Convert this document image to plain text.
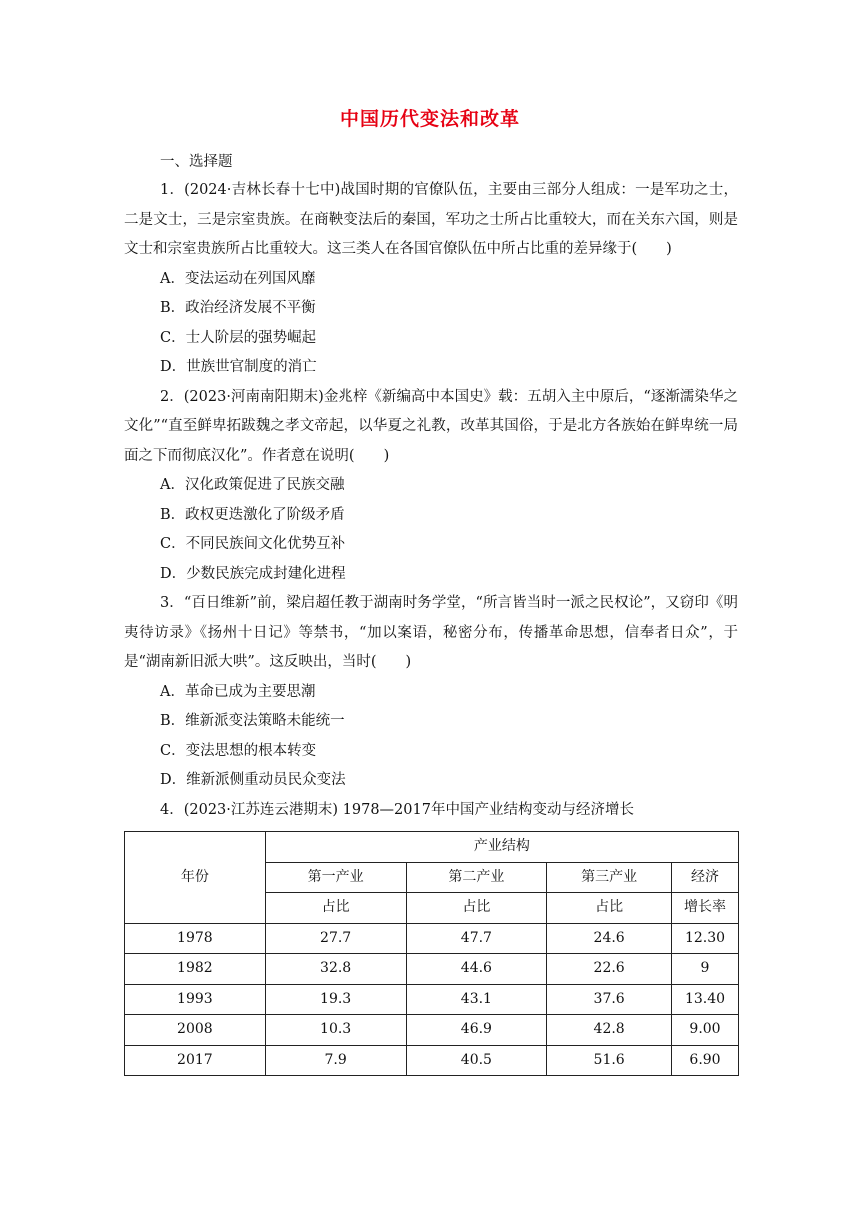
中国历代变法和改革
一、选择题

1．(2024·吉林长春十七中)战国时期的官僚队伍，主要由三部分人组成：一是军功之士，二是文士，三是宗室贵族。在商鞅变法后的秦国，军功之士所占比重较大，而在关东六国，则是文士和宗室贵族所占比重较大。这三类人在各国官僚队伍中所占比重的差异缘于(　　)

A．变法运动在列国风靡

B．政治经济发展不平衡

C．士人阶层的强势崛起

D．世族世官制度的消亡

2．(2023·河南南阳期末)金兆梓《新编高中本国史》载：五胡入主中原后，“逐渐濡染华之文化”“直至鲜卑拓跋魏之孝文帝起，以华夏之礼教，改革其国俗，于是北方各族始在鲜卑统一局面之下而彻底汉化”。作者意在说明(　　)

A．汉化政策促进了民族交融

B．政权更迭激化了阶级矛盾

C．不同民族间文化优势互补

D．少数民族完成封建化进程

3．“百日维新”前，梁启超任教于湖南时务学堂，“所言皆当时一派之民权论”，又窃印《明夷待访录》《扬州十日记》等禁书，“加以案语，秘密分布，传播革命思想，信奉者日众”，于是“湖南新旧派大哄”。这反映出，当时(　　)

A．革命已成为主要思潮

B．维新派变法策略未能统一

C．变法思想的根本转变

D．维新派侧重动员民众变法

4．(2023·江苏连云港期末) 1978—2017年中国产业结构变动与经济增长

年份	产业结构			
	第一产业	第二产业	第三产业	经济
	占比	占比	占比	增长率
1978	27.7	47.7	24.6	12.30
1982	32.8	44.6	22.6	9
1993	19.3	43.1	37.6	13.40
2008	10.3	46.9	42.8	9.00
2017	7.9	40.5	51.6	6.90
